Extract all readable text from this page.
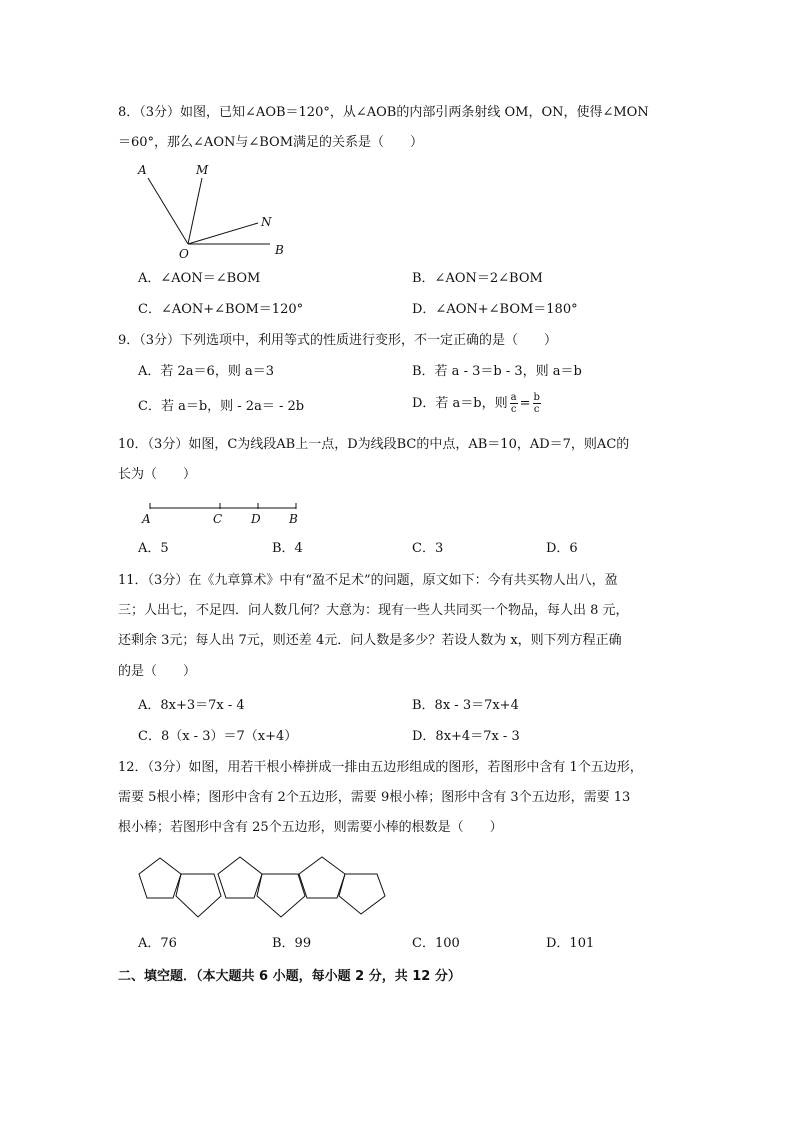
8．（3分）如图，已知∠AOB＝120°，从∠AOB的内部引两条射线 OM，ON，使得∠MON
＝60°，那么∠AON与∠BOM满足的关系是（　　）
A	M
N
O	B
A．∠AON＝∠BOM	B．∠AON＝2∠BOM
C．∠AON+∠BOM＝120°	D．∠AON+∠BOM＝180°
9．（3分）下列选项中，利用等式的性质进行变形，不一定正确的是（　　）
A．若 2a＝6，则 a＝3	B．若 a - 3＝b - 3，则 a＝b
C．若 a＝b，则 - 2a＝ - 2b	D．若 a＝b，则 $\frac{a}{c} = \frac{b}{c}$
10．（3分）如图，C为线段AB上一点，D为线段BC的中点，AB＝10，AD＝7，则AC的
长为（　　）
A	C D B
A．5	B．4	C．3	D．6
11．（3分）在《九章算术》中有“盈不足术”的问题，原文如下：今有共买物人出八，盈
三；人出七，不足四．问人数几何？大意为：现有一些人共同买一个物品，每人出 8 元，
还剩余 3元；每人出 7元，则还差 4元．问人数是多少？若设人数为 x，则下列方程正确
的是（　　）
A．8x+3＝7x - 4	B．8x - 3＝7x+4
C．8（x - 3）＝7（x+4）	D．8x+4＝7x - 3
12．（3分）如图，用若干根小棒拼成一排由五边形组成的图形，若图形中含有 1个五边形，
需要 5根小棒；图形中含有 2个五边形，需要 9根小棒；图形中含有 3个五边形，需要 13
根小棒；若图形中含有 25个五边形，则需要小棒的根数是（　　）
A．76	B．99	C．100	D．101
二、填空题．（本大题共 6 小题，每小题 2 分，共 12 分）
